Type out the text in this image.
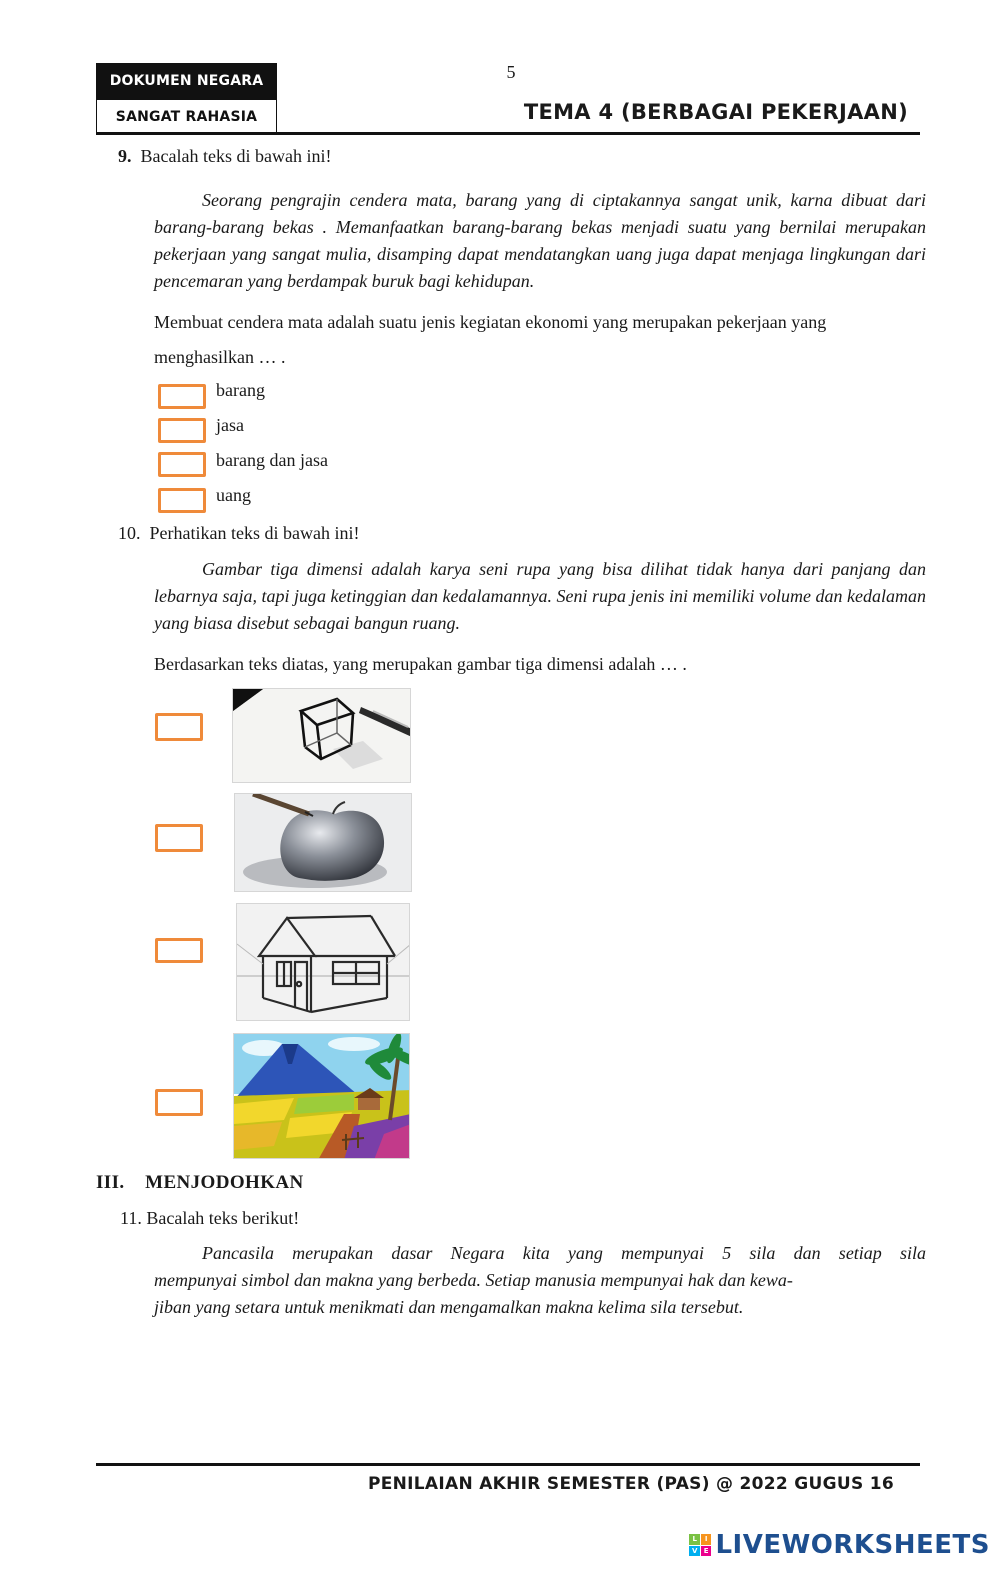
DOKUMEN NEGARA
SANGAT RAHASIA
5
TEMA 4 (BERBAGAI PEKERJAAN)
9. Bacalah teks di bawah ini!
Seorang pengrajin cendera mata, barang yang di ciptakannya sangat unik, karna dibuat dari barang-barang bekas . Memanfaatkan barang-barang bekas menjadi suatu yang bernilai merupakan pekerjaan yang sangat mulia, disamping dapat mendatangkan uang juga dapat menjaga lingkungan dari pencemaran yang berdampak buruk bagi kehidupan.
Membuat cendera mata adalah suatu jenis kegiatan ekonomi yang merupakan pekerjaan yang
menghasilkan … .
barang
jasa
barang dan jasa
uang
10. Perhatikan teks di bawah ini!
Gambar tiga dimensi adalah karya seni rupa yang bisa dilihat tidak hanya dari panjang dan lebarnya saja, tapi juga ketinggian dan kedalamannya. Seni rupa jenis ini memiliki volume dan kedalaman yang biasa disebut sebagai bangun ruang.
Berdasarkan teks diatas, yang merupakan gambar tiga dimensi adalah … .
III.    MENJODOHKAN
11. Bacalah teks berikut!
Pancasila merupakan dasar Negara kita yang mempunyai 5 sila dan setiap sila
mempunyai simbol dan makna yang berbeda. Setiap manusia mempunyai hak dan kewa-
jiban yang setara untuk menikmati dan mengamalkan makna kelima sila tersebut.
PENILAIAN AKHIR SEMESTER (PAS) @ 2022 GUGUS 16
L	I
V E LIVEWORKSHEETS
